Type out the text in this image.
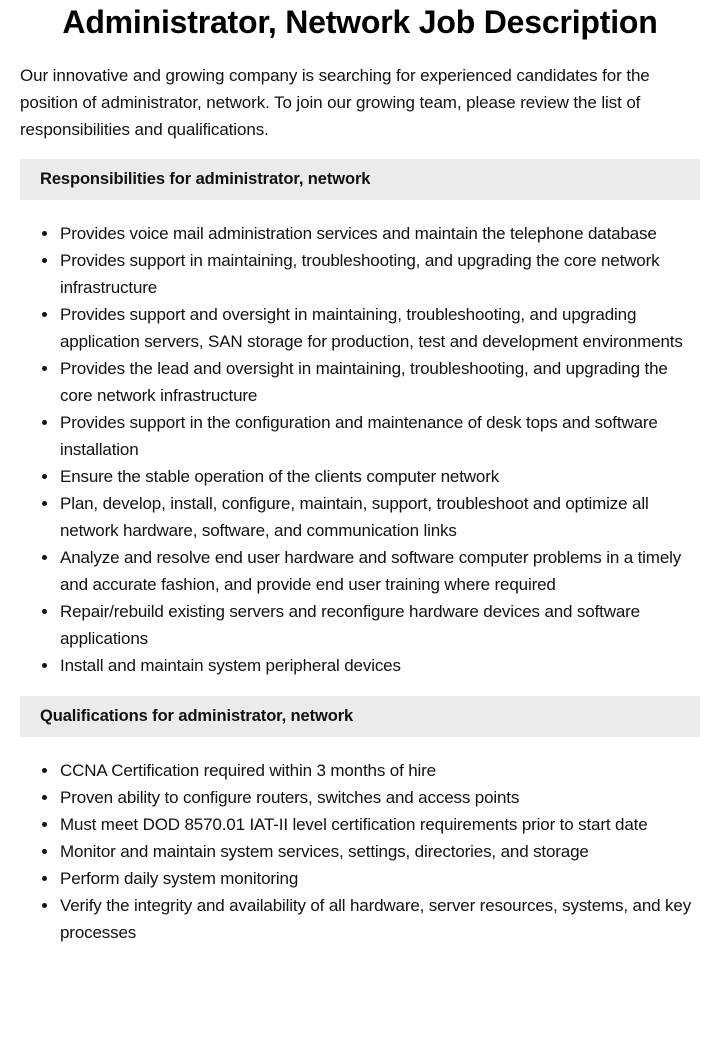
Administrator, Network Job Description

Our innovative and growing company is searching for experienced candidates for the position of administrator, network. To join our growing team, please review the list of responsibilities and qualifications.

Responsibilities for administrator, network
Provides voice mail administration services and maintain the telephone database
Provides support in maintaining, troubleshooting, and upgrading the core network infrastructure
Provides support and oversight in maintaining, troubleshooting, and upgrading application servers, SAN storage for production, test and development environments
Provides the lead and oversight in maintaining, troubleshooting, and upgrading the core network infrastructure
Provides support in the configuration and maintenance of desk tops and software installation
Ensure the stable operation of the clients computer network
Plan, develop, install, configure, maintain, support, troubleshoot and optimize all network hardware, software, and communication links
Analyze and resolve end user hardware and software computer problems in a timely and accurate fashion, and provide end user training where required
Repair/rebuild existing servers and reconfigure hardware devices and software applications
Install and maintain system peripheral devices
Qualifications for administrator, network
CCNA Certification required within 3 months of hire
Proven ability to configure routers, switches and access points
Must meet DOD 8570.01 IAT-II level certification requirements prior to start date
Monitor and maintain system services, settings, directories, and storage
Perform daily system monitoring
Verify the integrity and availability of all hardware, server resources, systems, and key processes
